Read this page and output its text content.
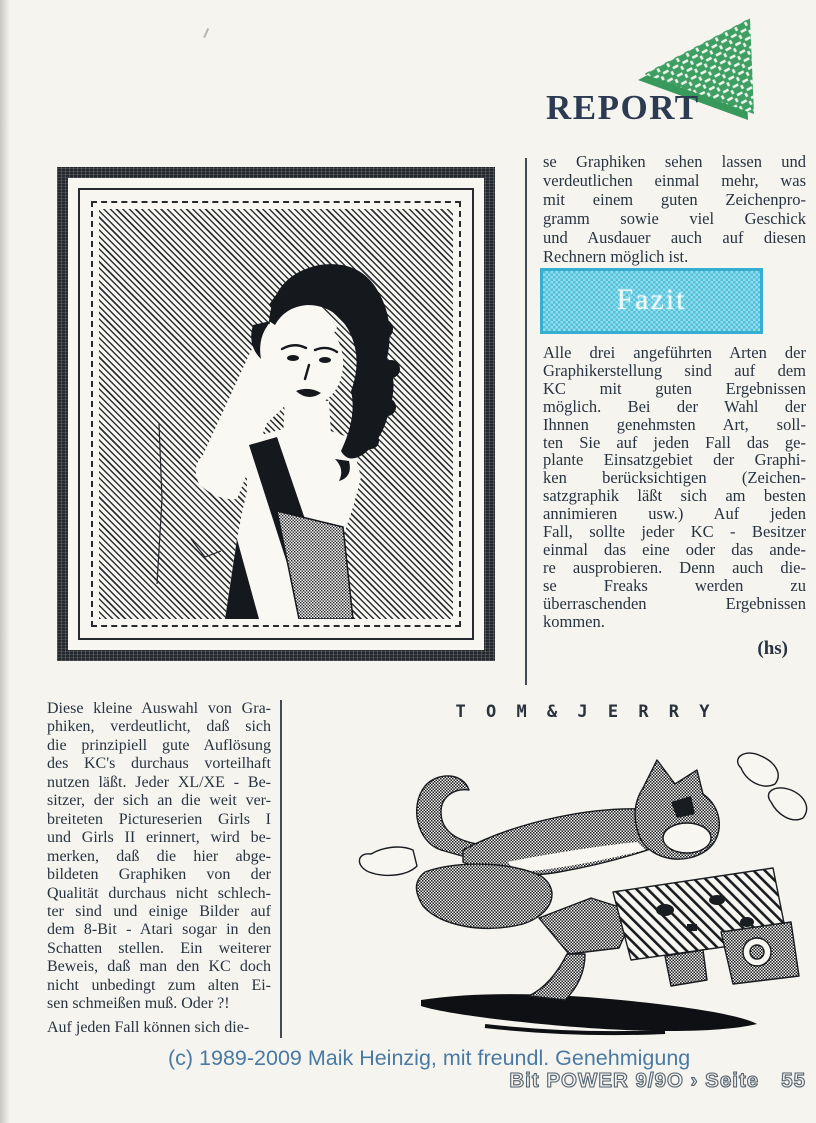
REPORT
se Graphiken sehen lassen und
verdeutlichen einmal mehr, was
mit einem guten Zeichenpro-
gramm sowie viel Geschick
und Ausdauer auch auf diesen
Rechnern möglich ist.
Fazit
Alle drei angeführten Arten der
Graphikerstellung sind auf dem
KC mit guten Ergebnissen
möglich. Bei der Wahl der
Ihnnen genehmsten Art, soll-
ten Sie auf jeden Fall das ge-
plante Einsatzgebiet der Graphi-
ken berücksichtigen (Zeichen-
satzgraphik läßt sich am besten
annimieren usw.) Auf jeden
Fall, sollte jeder KC - Besitzer
einmal das eine oder das ande-
re ausprobieren. Denn auch die-
se Freaks werden zu
überraschenden Ergebnissen
kommen.
(hs)
Diese kleine Auswahl von Gra-
phiken, verdeutlicht, daß sich
die prinzipiell gute Auflösung
des KC's durchaus vorteilhaft
nutzen läßt. Jeder XL/XE - Be-
sitzer, der sich an die weit ver-
breiteten Pictureserien Girls I
und Girls II erinnert, wird be-
merken, daß die hier abge-
bildeten Graphiken von der
Qualität durchaus nicht schlech-
ter sind und einige Bilder auf
dem 8-Bit - Atari sogar in den
Schatten stellen. Ein weiterer
Beweis, daß man den KC doch
nicht unbedingt zum alten Ei-
sen schmeißen muß. Oder ?!
Auf jeden Fall können sich die-
T O M & J E R R Y
(c) 1989-2009 Maik Heinzig, mit freundl. Genehmigung
Bit POWER 9/9O › Seite 55
